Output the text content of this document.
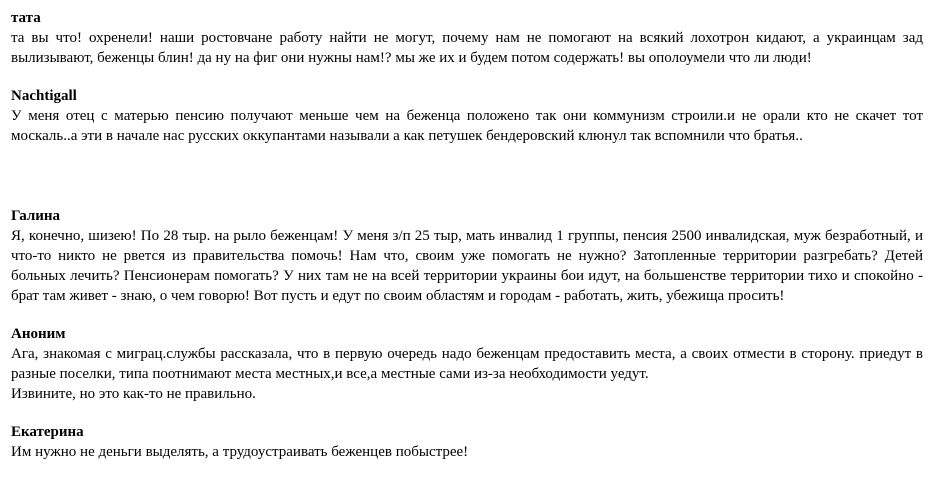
тата
та вы что! охренели! наши ростовчане работу найти не могут, почему нам не помогают на всякий лохотрон кидают, а украинцам зад вылизывают, беженцы блин! да ну на фиг они нужны нам!? мы же их и будем потом содержать! вы ополоумели что ли люди!
Nachtigall
У меня отец с матерью пенсию получают меньше чем на беженца положено так они коммунизм строили.и не орали кто не скачет тот москаль..а эти в начале нас русских оккупантами называли а как петушек бендеровский клюнул так вспомнили что братья..
Галина
Я, конечно, шизею! По 28 тыр. на рыло беженцам! У меня з/п 25 тыр, мать инвалид 1 группы, пенсия 2500 инвалидская, муж безработный, и что-то никто не рвется из правительства помочь! Нам что, своим уже помогать не нужно? Затопленные территории разгребать? Детей больных лечить? Пенсионерам помогать? У них там не на всей территории украины бои идут, на большенстве территории тихо и спокойно - брат там живет - знаю, о чем говорю! Вот пусть и едут по своим областям и городам - работать, жить, убежища просить!
Аноним
Ага, знакомая с миграц.службы рассказала, что в первую очередь надо беженцам предоставить места, а своих отмести в сторону. приедут в разные поселки, типа поотнимают места местных,и все,а местные сами из-за необходимости уедут.
Извините, но это как-то не правильно.
Екатерина
Им нужно не деньги выделять, а трудоустраивать беженцев побыстрее!
